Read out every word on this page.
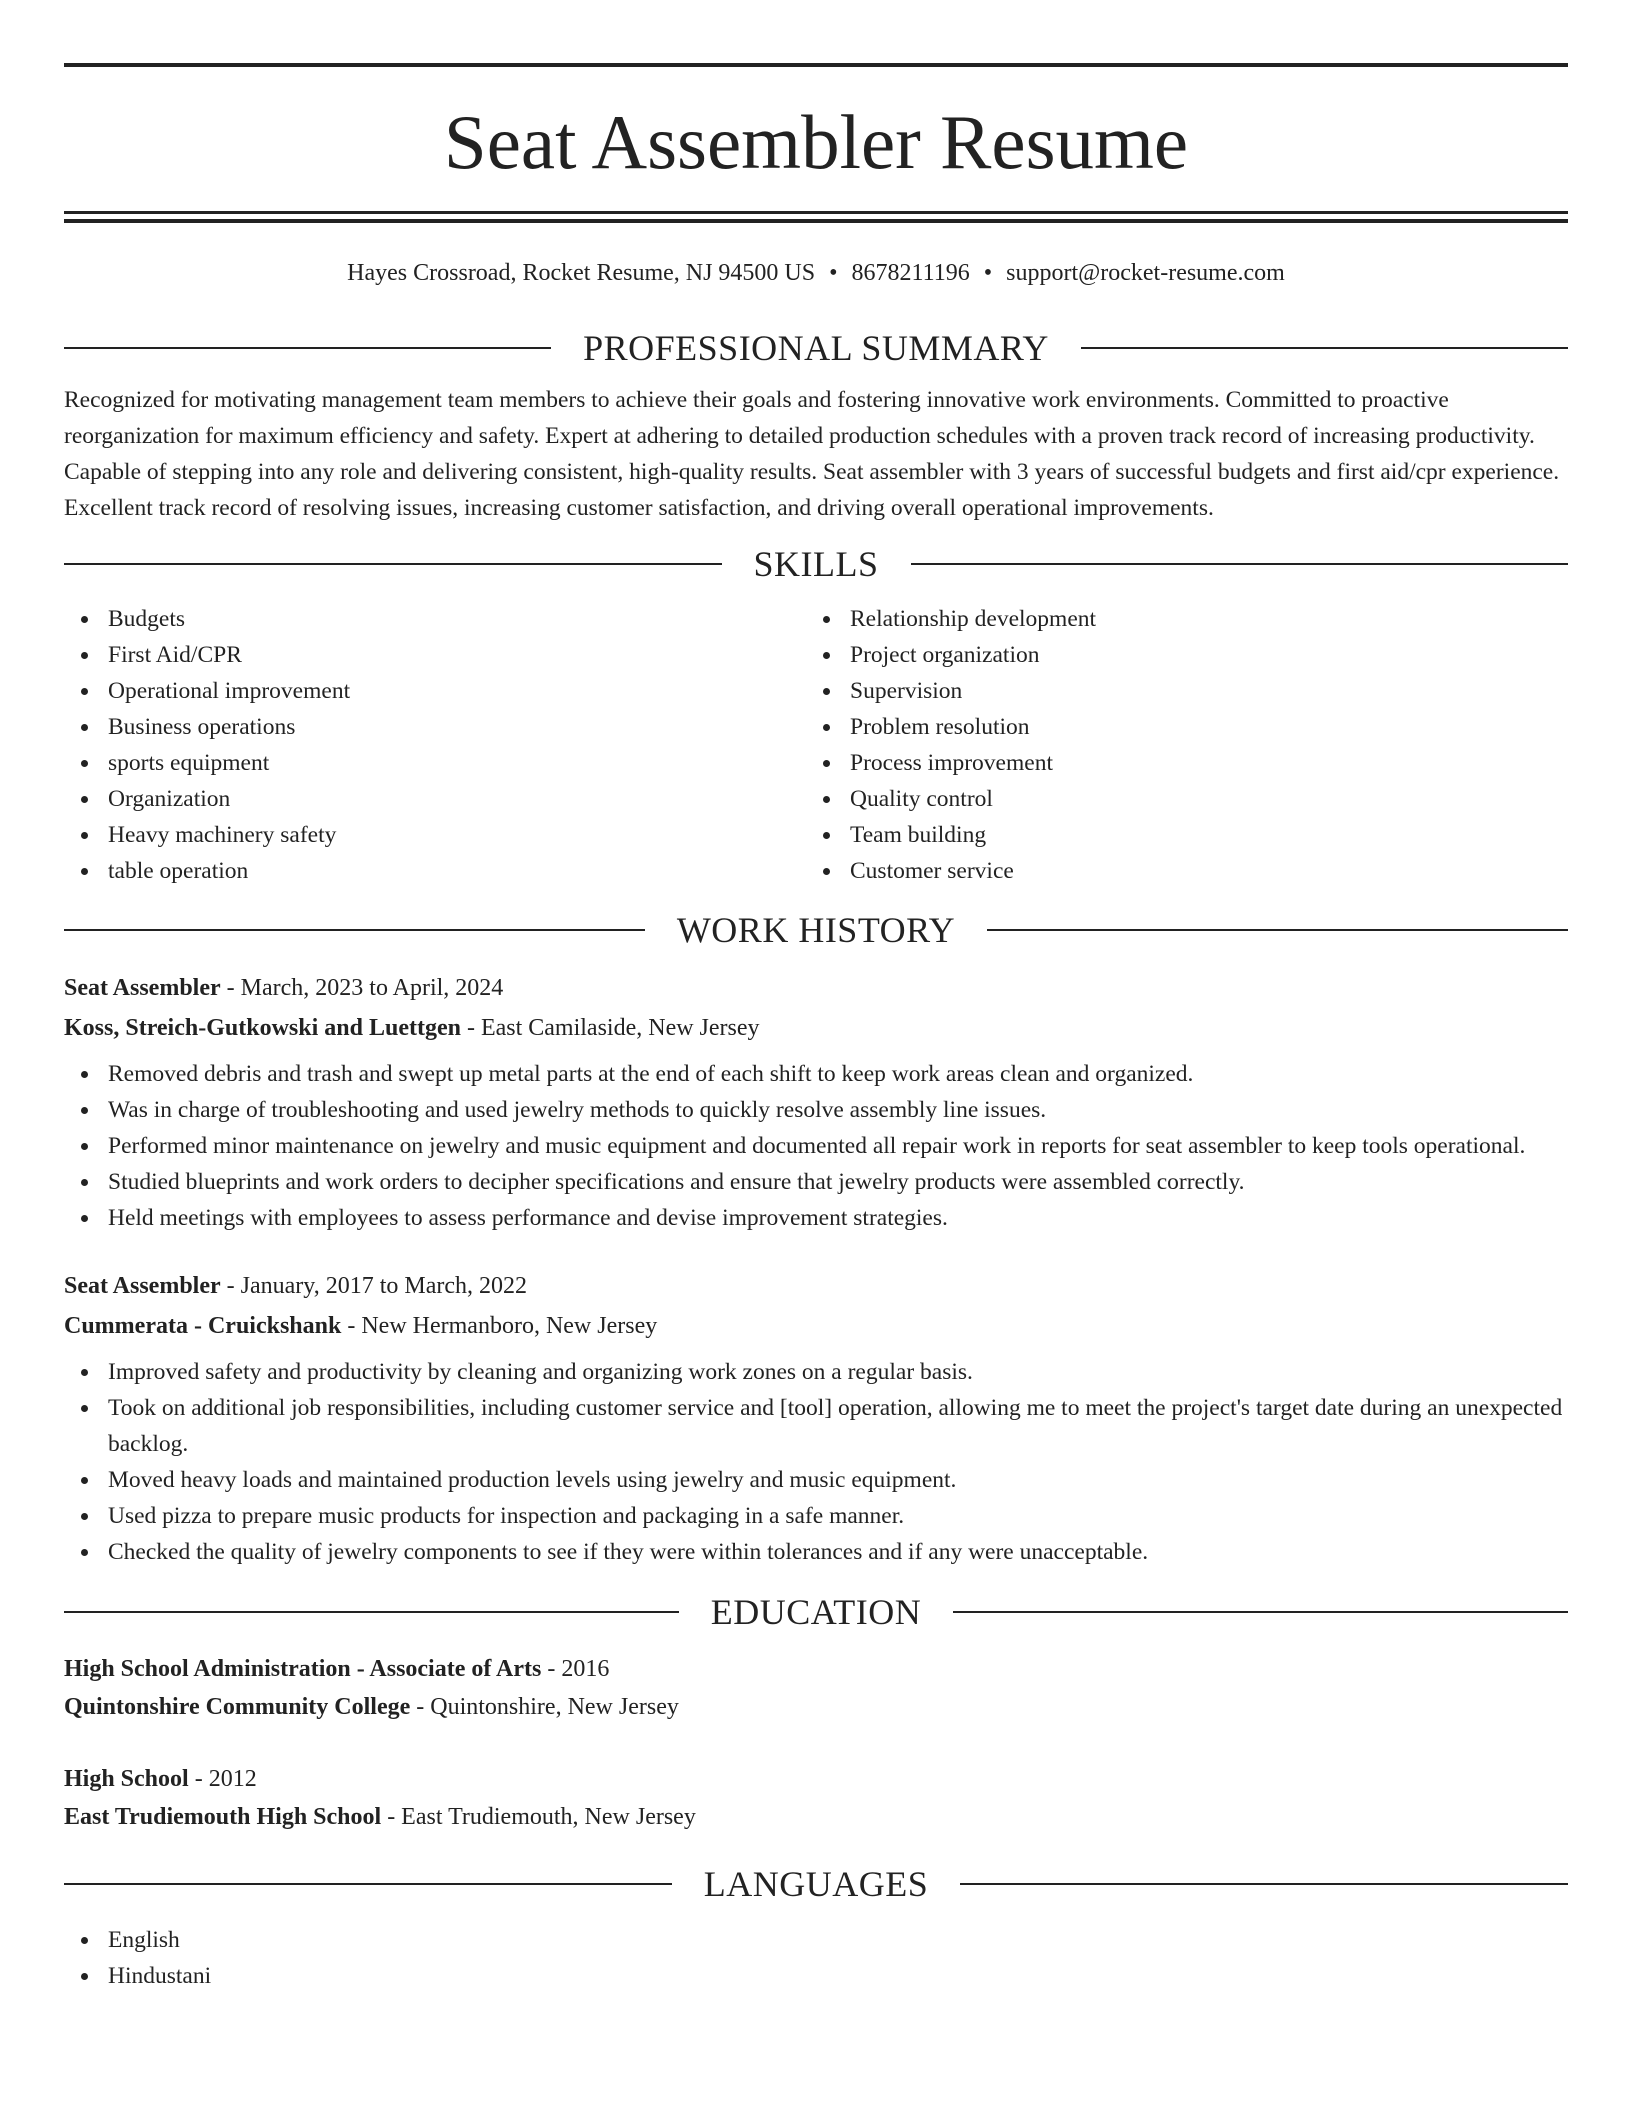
Seat Assembler Resume
Hayes Crossroad, Rocket Resume, NJ 94500 US • 8678211196 • support@rocket-resume.com
PROFESSIONAL SUMMARY

Recognized for motivating management team members to achieve their goals and fostering innovative work environments. Committed to proactive reorganization for maximum efficiency and safety. Expert at adhering to detailed production schedules with a proven track record of increasing productivity. Capable of stepping into any role and delivering consistent, high-quality results. Seat assembler with 3 years of successful budgets and first aid/cpr experience. Excellent track record of resolving issues, increasing customer satisfaction, and driving overall operational improvements.

SKILLS
Budgets
First Aid/CPR
Operational improvement
Business operations
sports equipment
Organization
Heavy machinery safety
table operation
Relationship development
Project organization
Supervision
Problem resolution
Process improvement
Quality control
Team building
Customer service
WORK HISTORY
Seat Assembler - March, 2023 to April, 2024
Koss, Streich-Gutkowski and Luettgen - East Camilaside, New Jersey
Removed debris and trash and swept up metal parts at the end of each shift to keep work areas clean and organized.
Was in charge of troubleshooting and used jewelry methods to quickly resolve assembly line issues.
Performed minor maintenance on jewelry and music equipment and documented all repair work in reports for seat assembler to keep tools operational.
Studied blueprints and work orders to decipher specifications and ensure that jewelry products were assembled correctly.
Held meetings with employees to assess performance and devise improvement strategies.
Seat Assembler - January, 2017 to March, 2022
Cummerata - Cruickshank - New Hermanboro, New Jersey
Improved safety and productivity by cleaning and organizing work zones on a regular basis.
Took on additional job responsibilities, including customer service and [tool] operation, allowing me to meet the project's target date during an unexpected backlog.
Moved heavy loads and maintained production levels using jewelry and music equipment.
Used pizza to prepare music products for inspection and packaging in a safe manner.
Checked the quality of jewelry components to see if they were within tolerances and if any were unacceptable.
EDUCATION
High School Administration - Associate of Arts - 2016
Quintonshire Community College - Quintonshire, New Jersey
High School - 2012
East Trudiemouth High School - East Trudiemouth, New Jersey
LANGUAGES
English
Hindustani
